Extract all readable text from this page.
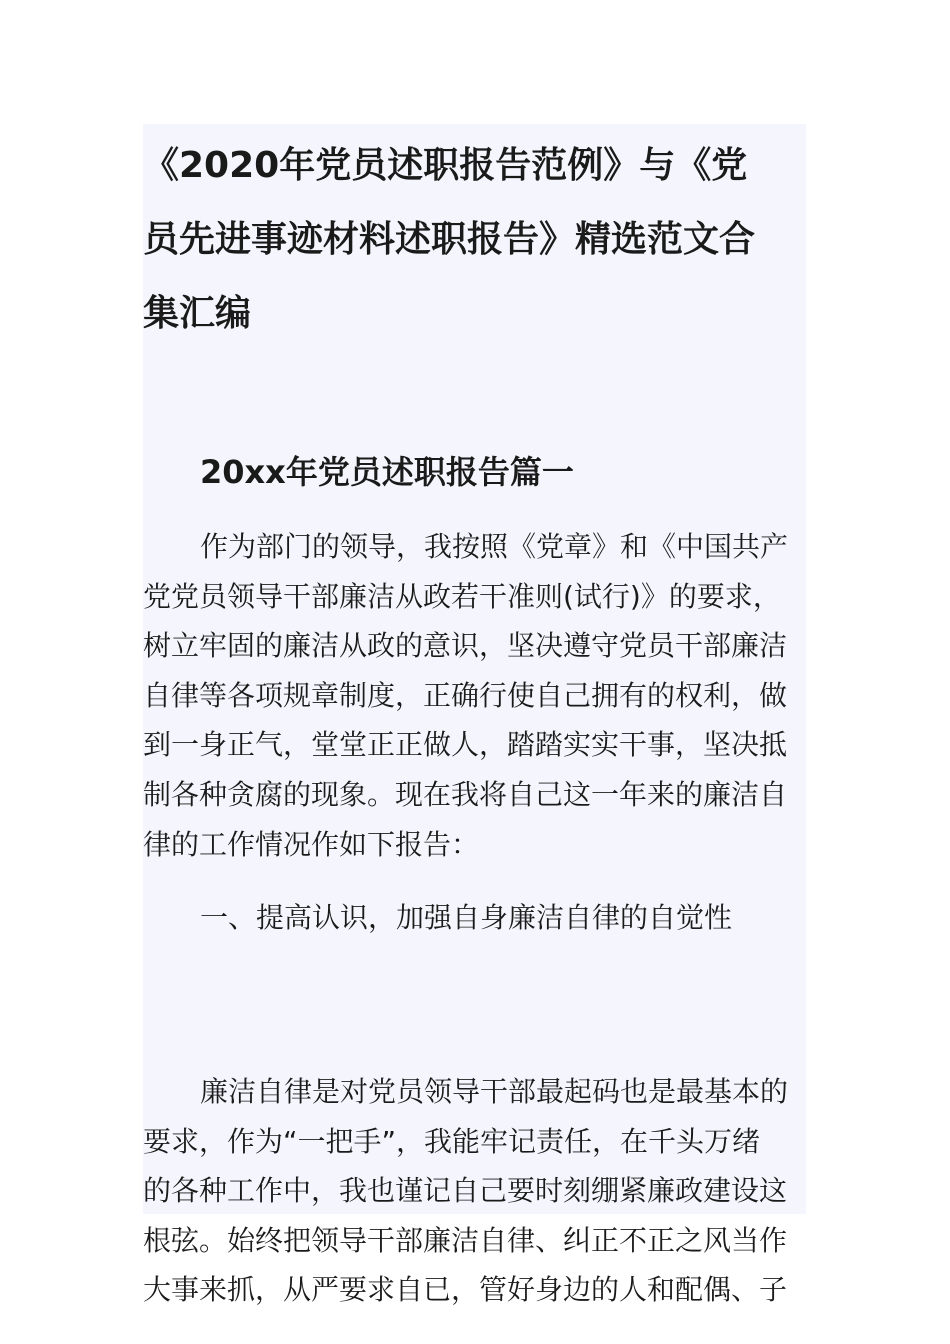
《2020年党员述职报告范例》与《党
员先进事迹材料述职报告》精选范文合
集汇编
20xx年党员述职报告篇一

作为部门的领导，我按照《党章》和《中国共产
党党员领导干部廉洁从政若干准则(试行)》的要求，
树立牢固的廉洁从政的意识，坚决遵守党员干部廉洁
自律等各项规章制度，正确行使自己拥有的权利，做
到一身正气，堂堂正正做人，踏踏实实干事，坚决抵
制各种贪腐的现象。现在我将自己这一年来的廉洁自
律的工作情况作如下报告：

一、提高认识，加强自身廉洁自律的自觉性

廉洁自律是对党员领导干部最起码也是最基本的
要求，作为“一把手”，我能牢记责任，在千头万绪
的各种工作中，我也谨记自己要时刻绷紧廉政建设这
根弦。始终把领导干部廉洁自律、纠正不正之风当作
大事来抓，从严要求自已，管好身边的人和配偶、子
